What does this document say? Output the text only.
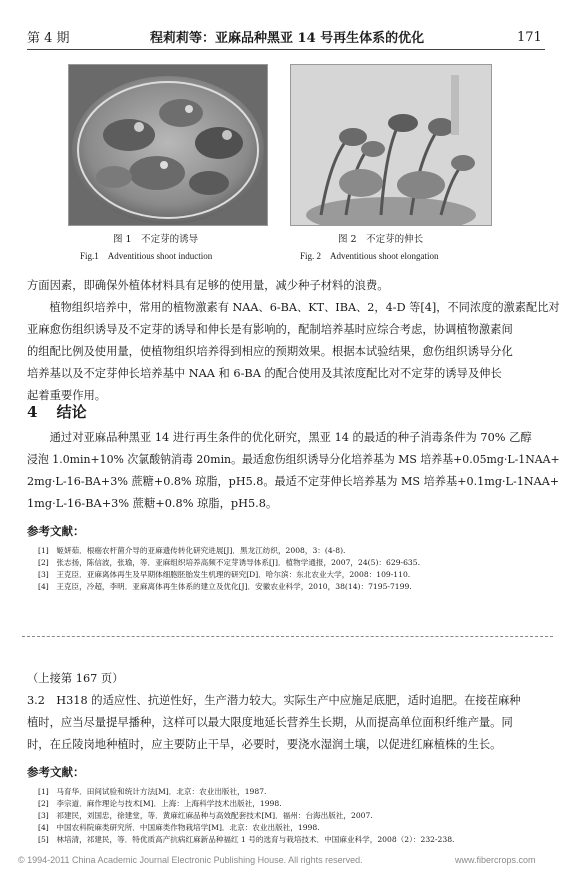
第 4 期	程莉莉等：亚麻品种黑亚 14 号再生体系的优化	171
图 1　不定芽的诱导
Fig.1　Adventitious shoot induction
图 2　不定芽的伸长
Fig. 2　Adventitious shoot elongation
方面因素，即确保外植体材料具有足够的使用量，减少种子材料的浪费。
　　植物组织培养中，常用的植物激素有 NAA、6-BA、KT、IBA、2，4-D 等[4]，不同浓度的激素配比对
亚麻愈伤组织诱导及不定芽的诱导和伸长是有影响的，配制培养基时应综合考虑，协调植物激素间
的组配比例及使用量，使植物组织培养得到相应的预期效果。根据本试验结果，愈伤组织诱导分化
培养基以及不定芽伸长培养基中 NAA 和 6-BA 的配合使用及其浓度配比对不定芽的诱导及伸长
起着重要作用。
4 结论
　　通过对亚麻品种黑亚 14 进行再生条件的优化研究，黑亚 14 的最适的种子消毒条件为 70% 乙醇
浸泡 1.0min+10% 次氯酸钠消毒 20min。最适愈伤组织诱导分化培养基为 MS 培养基+0.05mg·L-1NAA+
2mg·L-16-BA+3% 蔗糖+0.8% 琼脂，pH5.8。最适不定芽伸长培养基为 MS 培养基+0.1mg·L-1NAA+
1mg·L-16-BA+3% 蔗糖+0.8% 琼脂，pH5.8。
参考文献：
[1]　姬妍茹．根癌农杆菌介导的亚麻遗传转化研究进展[J]．黑龙江纺织，2008，3：(4-8).
[2]　张志扬，陈信波，张瑜，等．亚麻组织培养高频不定芽诱导体系[J]．植物学通报，2007，24(5)：629-635.
[3]　王克臣．亚麻离体再生及早期体细胞胚胎发生机理的研究[D]．哈尔滨：东北农业大学，2008：109-110.
[4]　王克臣，冷超，李明．亚麻离体再生体系的建立及优化[J]．安徽农业科学，2010，38(14)：7195-7199.
（上接第 167 页）
3.2　H318 的适应性、抗逆性好，生产潜力较大。实际生产中应施足底肥，适时追肥。在接茬麻种
植时，应当尽量提早播种，这样可以最大限度地延长营养生长期，从而提高单位面积纤维产量。同
时，在丘陵岗地种植时，应主要防止干旱，必要时，要浇水湿润土壤，以促进红麻植株的生长。
参考文献：
[1]　马育华．田间试验和统计方法[M]．北京：农业出版社，1987.
[2]　李宗道．麻作理论与技术[M]．上海：上海科学技术出版社，1998.
[3]　祁建民，刘国忠，徐建堂，等．黄麻红麻品种与高效配套技术[M]．福州：台海出版社，2007.
[4]　中国农科院麻类研究所．中国麻类作物栽培学[M]．北京：农业出版社，1998.
[5]　林培清，祁建民，等．特优质高产抗病红麻新品种福红 1 号的选育与栽培技术．中国麻业科学，2008（2）：232-238.
© 1994-2011 China Academic Journal Electronic Publishing House. All rights reserved.	www.fibercrops.com
